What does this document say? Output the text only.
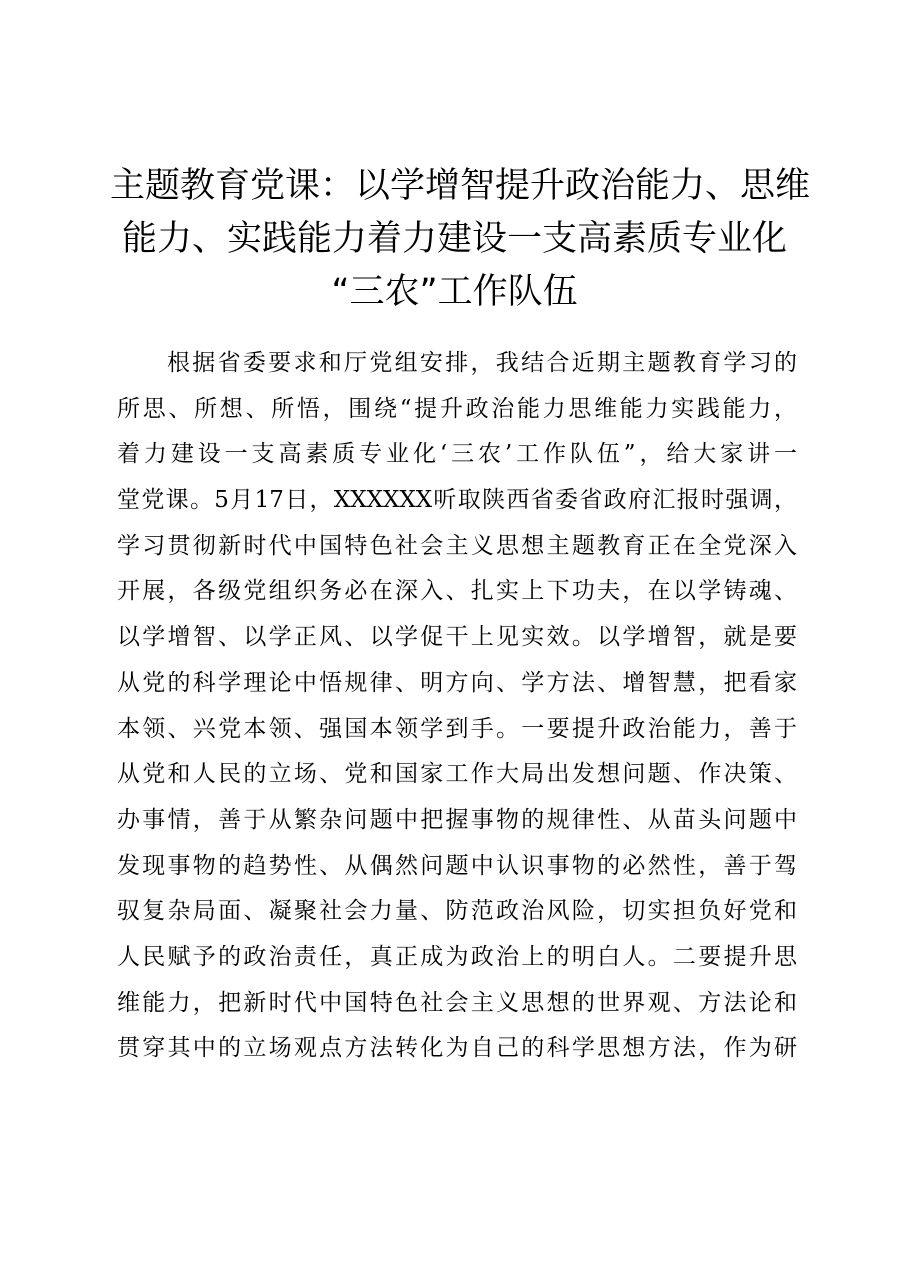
主题教育党课：以学增智提升政治能力、思维
能力、实践能力着力建设一支高素质专业化
“三农”工作队伍
根据省委要求和厅党组安排，我结合近期主题教育学习的
所思、所想、所悟，围绕“提升政治能力思维能力实践能力，
着力建设一支高素质专业化‘三农’工作队伍”，给大家讲一
堂党课。5月17日，XXXXXX听取陕西省委省政府汇报时强调，
学习贯彻新时代中国特色社会主义思想主题教育正在全党深入
开展，各级党组织务必在深入、扎实上下功夫，在以学铸魂、
以学增智、以学正风、以学促干上见实效。以学增智，就是要
从党的科学理论中悟规律、明方向、学方法、增智慧，把看家
本领、兴党本领、强国本领学到手。一要提升政治能力，善于
从党和人民的立场、党和国家工作大局出发想问题、作决策、
办事情，善于从繁杂问题中把握事物的规律性、从苗头问题中
发现事物的趋势性、从偶然问题中认识事物的必然性，善于驾
驭复杂局面、凝聚社会力量、防范政治风险，切实担负好党和
人民赋予的政治责任，真正成为政治上的明白人。二要提升思
维能力，把新时代中国特色社会主义思想的世界观、方法论和
贯穿其中的立场观点方法转化为自己的科学思想方法，作为研
